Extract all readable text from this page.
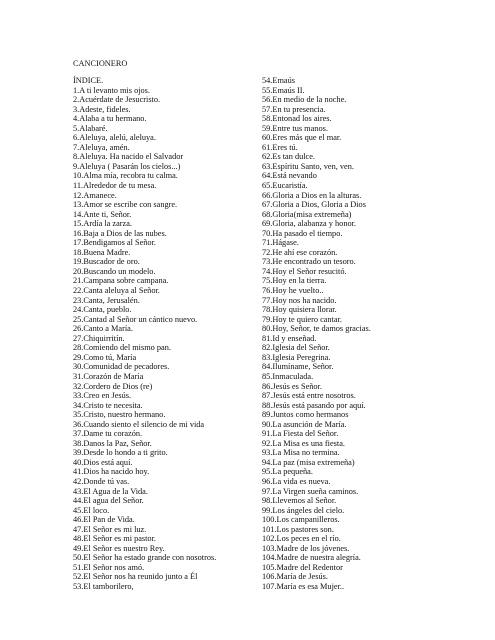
CANCIONERO
ÍNDICE.
1.A ti levanto mis ojos.
2.Acuérdate de Jesucristo.
3.Adeste, fideles.
4.Alaba a tu hermano.
5.Alabaré.
6.Aleluya, alelú, aleluya.
7.Aleluya, amén.
8.Aleluya. Ha nacido el Salvador
9.Aleluya ( Pasarán los cielos...)
10.Alma mía, recobra tu calma.
11.Alrededor de tu mesa.
12.Amanece.
13.Amor se escribe con sangre.
14.Ante ti, Señor.
15.Ardía la zarza.
16.Baja a Dios de las nubes.
17.Bendigamos al Señor.
18.Buena Madre.
19.Buscador de oro.
20.Buscando un modelo.
21.Campana sobre campana.
22.Canta aleluya al Señor.
23.Canta, Jerusalén.
24.Canta, pueblo.
25.Cantad al Señor un cántico nuevo.
26.Canto a María.
27.Chiquirritín.
28.Comiendo del mismo pan.
29.Como tú, María
30.Comunidad de pecadores.
31.Corazón de María
32.Cordero de Dios (re)
33.Creo en Jesús.
34.Cristo te necesita.
35.Cristo, nuestro hermano.
36.Cuando siento el silencio de mi vida
37.Dame tu corazón.
38.Danos la Paz, Señor.
39.Desde lo hondo a ti grito.
40.Dios está aquí.
41.Dios ha nacido hoy.
42.Donde tú vas.
43.El Agua de la Vida.
44.El agua del Señor.
45.El loco.
46.El Pan de Vida.
47.El Señor es mi luz.
48.El Señor es mi pastor.
49.El Señor es nuestro Rey.
50.El Señor ha estado grande con nosotros.
51.El Señor nos amó.
52.El Señor nos ha reunido junto a Él
53.El tamborilero,
54.Emaús
55.Emaús II.
56.En medio de la noche.
57.En tu presencia.
58.Entonad los aires.
59.Entre tus manos.
60.Eres más que el mar.
61.Eres tú.
62.Es tan dulce.
63.Espíritu Santo, ven, ven.
64.Está nevando
65.Eucaristía.
66.Gloria a Dios en la alturas.
67.Gloria a Dios, Gloria a Dios
68.Gloria(misa extremeña)
69.Gloria, alabanza y honor.
70.Ha pasado el tiempo.
71.Hágase.
72.He ahí ese corazón.
73.He encontrado un tesoro.
74.Hoy el Señor resucitó.
75.Hoy en la tierra.
76.Hoy he vuelto..
77.Hoy nos ha nacido.
78.Hoy quisiera llorar.
79.Hoy te quiero cantar.
80.Hoy, Señor, te damos gracias.
81.Id y enseñad.
82.Iglesia del Señor.
83.Iglesia Peregrina.
84.Ilumíname, Señor.
85.Inmaculada.
86.Jesús es Señor.
87.Jesús está entre nosotros.
88.Jesús está pasando por aquí.
89.Juntos como hermanos
90.La asunción de María.
91.La Fiesta del Señor.
92.La Misa es una fiesta.
93.La Misa no termina.
94.La paz (misa extremeña)
95.La pequeña.
96.La vida es nueva.
97.La Virgen sueña caminos.
98.Llevemos al Señor.
99.Los ángeles del cielo.
100.Los campanilleros.
101.Los pastores son.
102.Los peces en el río.
103.Madre de los jóvenes.
104.Madre de nuestra alegría.
105.Madre del Redentor
106.María de Jesús.
107.María es esa Mujer..
